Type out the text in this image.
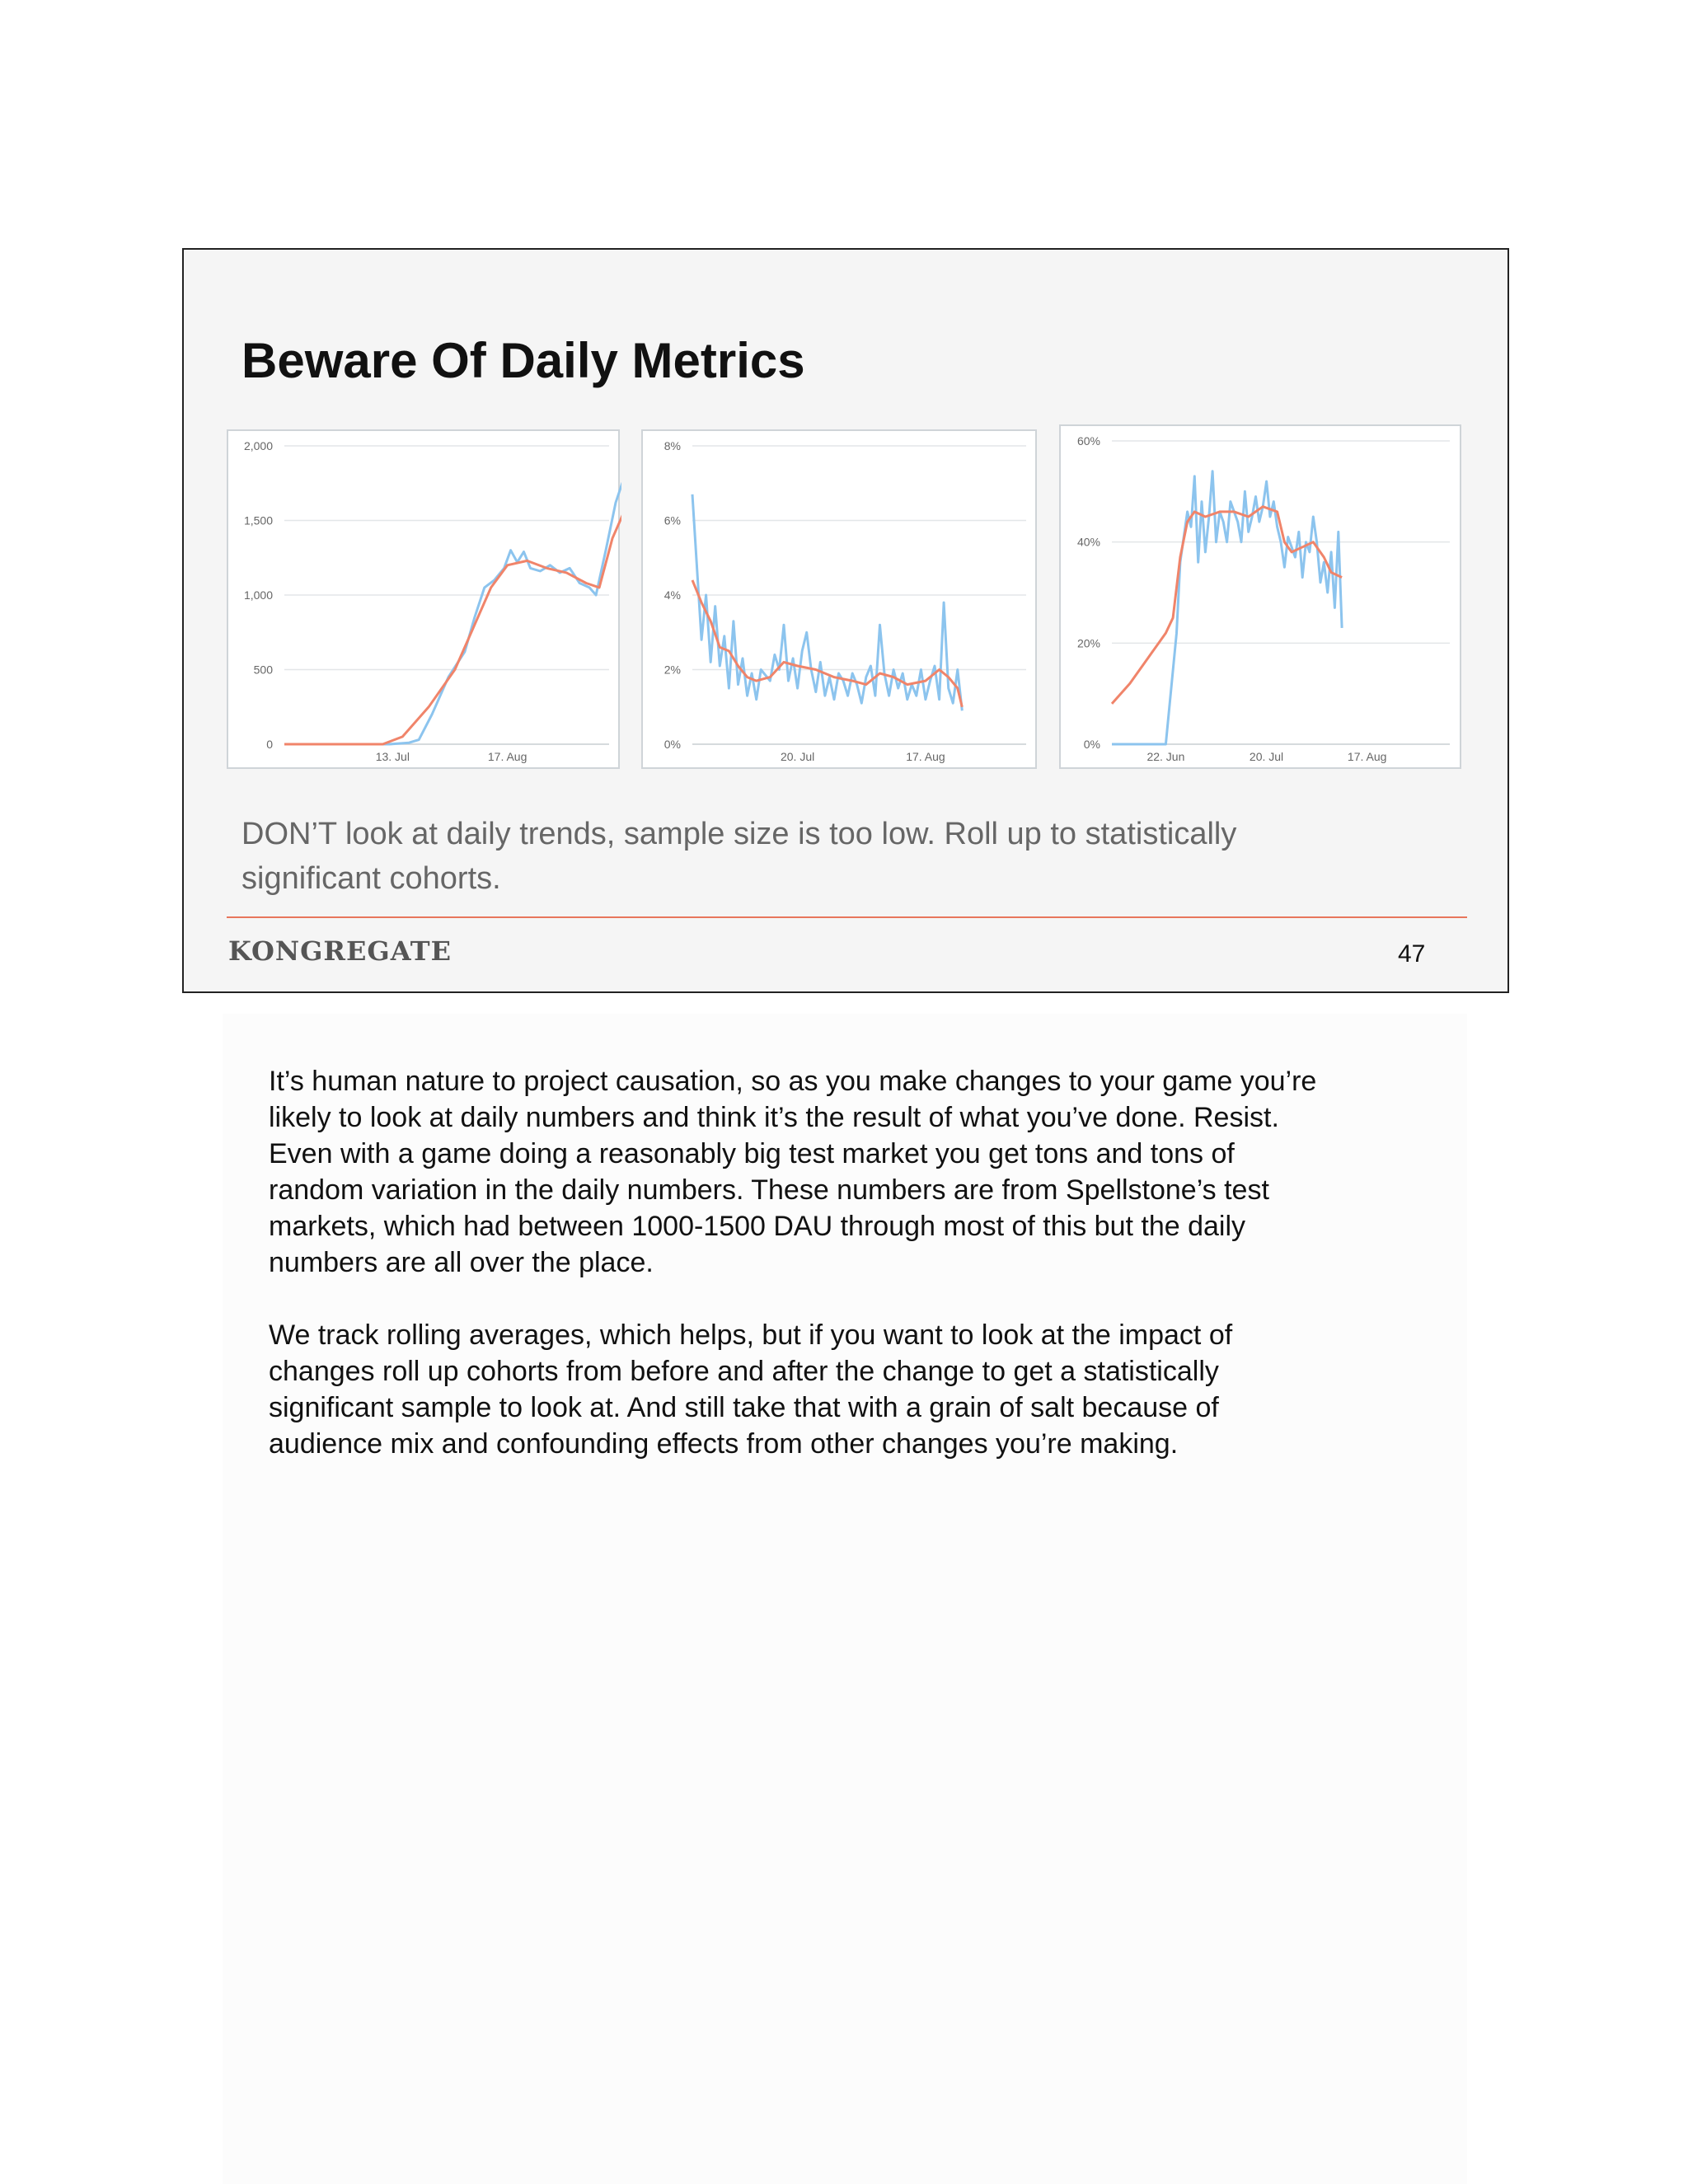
Beware Of Daily Metrics
0
500
1,000
1,500
2,000
13. Jul	17. Aug
0%
2%
4%
6%
8%
20. Jul	17. Aug
0%
20%
40%
60%
22. Jun	20. Jul	17. Aug
DON’T look at daily trends, sample size is too low. Roll up to statistically
significant cohorts.
KONGREGATE	47
It’s human nature to project causation, so as you make changes to your game you’re
likely to look at daily numbers and think it’s the result of what you’ve done. Resist.
Even with a game doing a reasonably big test market you get tons and tons of
random variation in the daily numbers. These numbers are from Spellstone’s test
markets, which had between 1000-1500 DAU through most of this but the daily
numbers are all over the place.
We track rolling averages, which helps, but if you want to look at the impact of
changes roll up cohorts from before and after the change to get a statistically
significant sample to look at. And still take that with a grain of salt because of
audience mix and confounding effects from other changes you’re making.
